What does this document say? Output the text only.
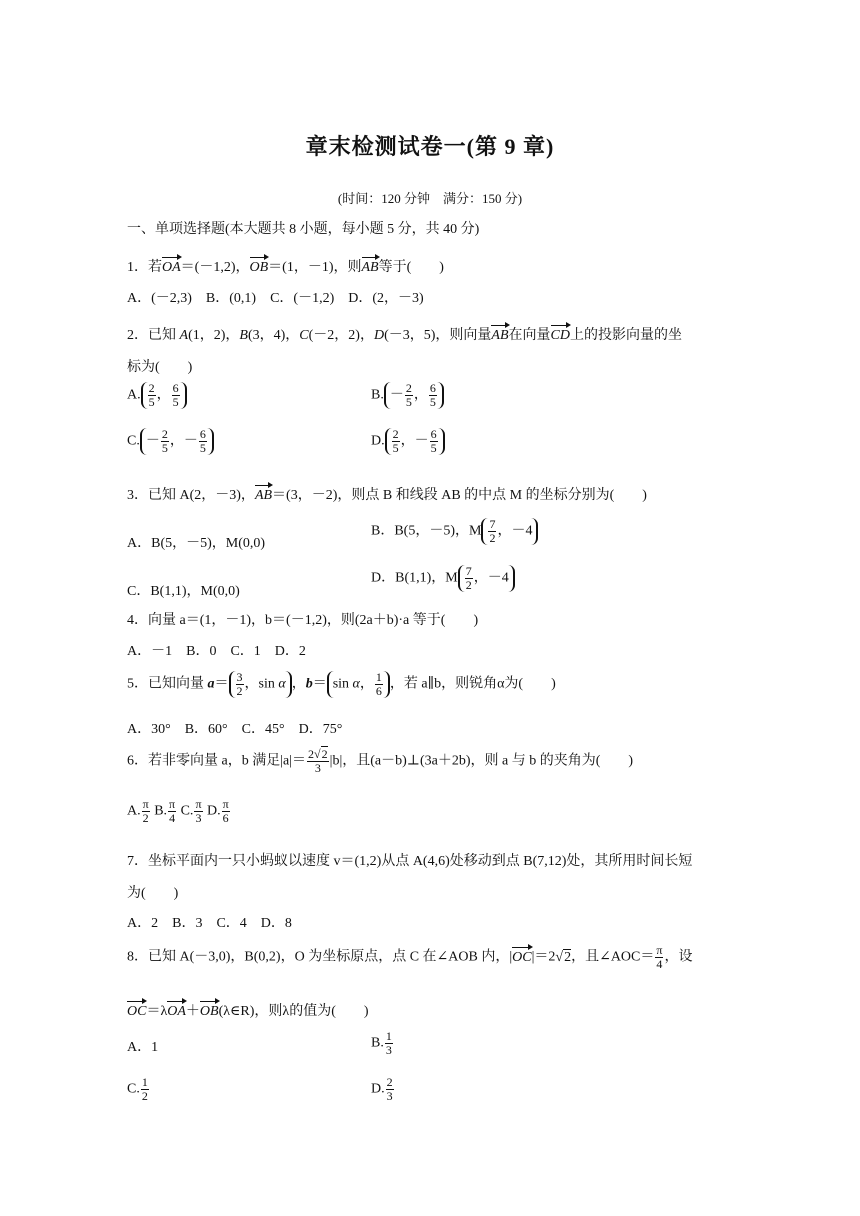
章末检测试卷一(第 9 章)
(时间：120 分钟　满分：150 分)
一、单项选择题(本大题共 8 小题，每小题 5 分，共 40 分)
1．若OA＝(－1,2)，OB＝(1，－1)，则AB等于(　　)
A．(－2,3)　B．(0,1)　C．(－1,2)　D．(2，－3)
2．已知 A(1，2)，B(3，4)，C(－2，2)，D(－3，5)，则向量AB在向量CD上的投影向量的坐
标为(　　)
A. $\frac{2}{5}$ ， $\frac{6}{5}$	B. － $\frac{2}{5}$ ， $\frac{6}{5}$
C. － $\frac{2}{5}$ ，－ $\frac{6}{5}$	D. $\frac{2}{5}$ ，－ $\frac{6}{5}$
3．已知 A(2，－3)，AB＝(3，－2)，则点 B 和线段 AB 的中点 M 的坐标分别为(　　)
A．B(5，－5)，M(0,0)
B．B(5，－5)，M $\frac{7}{2}$ ，－4
C．B(1,1)，M(0,0)
D．B(1,1)，M $\frac{7}{2}$ ，－4
4．向量 a＝(1，－1)，b＝(－1,2)，则(2a＋b)·a 等于(　　)
A．－1　B．0　C．1　D．2
5．已知向量 $a= \frac{3}{2}$ ，sin α ，b＝ sin α， $\frac{1}{6}$ ，若 a∥b，则锐角α为(　　)
A．30°　B．60°　C．45°　D．75°
6．若非零向量 a，b 满足$|a|= \frac{2√2}{3} |b|$，且(a－b)⊥(3a＋2b)，则 a 与 b 的夹角为(　　)
A. $\frac{\pi}{2} B$. $\frac{\pi}{4} C$. $\frac{\pi}{3} D$. $\frac{\pi}{6}$
7．坐标平面内一只小蚂蚁以速度 v＝(1,2)从点 A(4,6)处移动到点 B(7,12)处，其所用时间长短
为(　　)
A．2　B．3　C．4　D．8
8．已知 A(－3,0)，B(0,2)，O 为坐标原点，点 C 在∠AOB 内，|OC|＝2√2，且∠AOC＝ $\frac{\pi}{4}$ ，设
OC＝λOA＋OB(λ∈R)，则λ的值为(　　)
A．1	B. $\frac{1}{3}$
C. $\frac{1}{2}$	D. $\frac{2}{3}$
